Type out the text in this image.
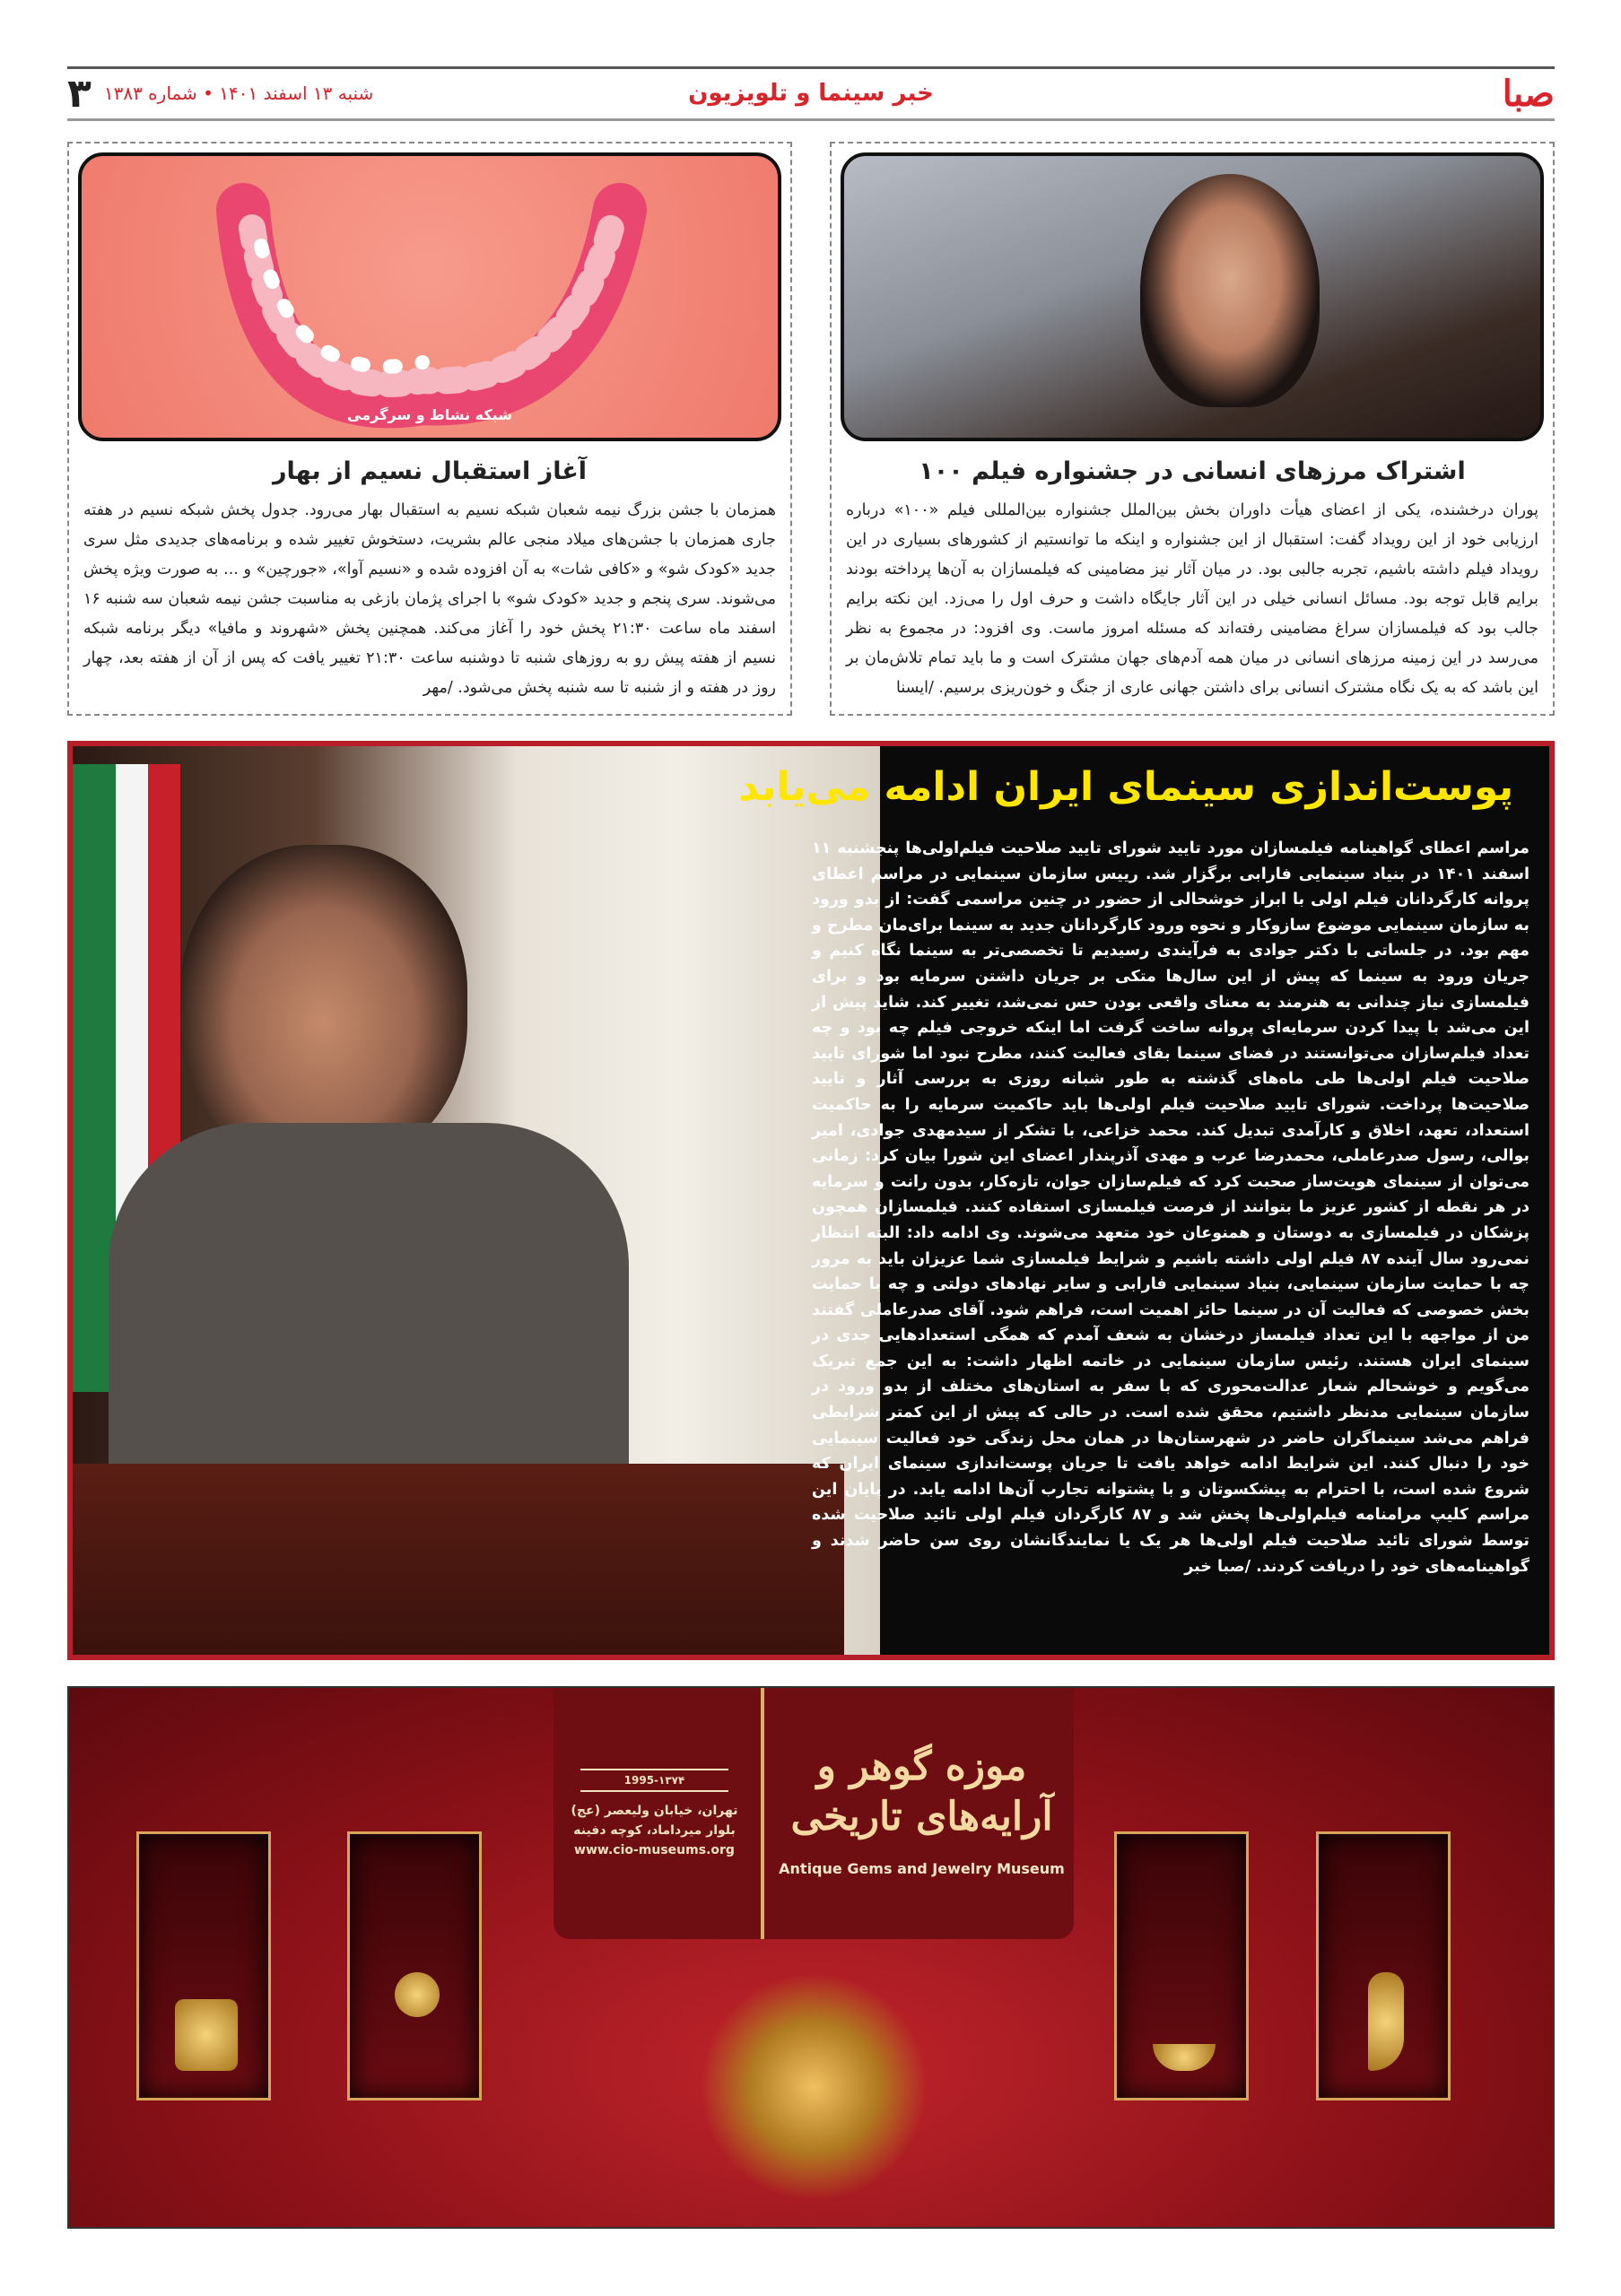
۳ شنبه ۱۳ اسفند ۱۴۰۱ • شماره ۱۳۸۳	خبر سینما و تلویزیون	صبا
اشتراک مرزهای انسانی در جشنواره فیلم ۱۰۰
پوران درخشنده، یکی از اعضای هیأت داوران بخش بین‌الملل جشنواره بین‌المللی فیلم «۱۰۰» درباره ارزیابی خود از این رویداد گفت: استقبال از این جشنواره و اینکه ما توانستیم از کشورهای بسیاری در این رویداد فیلم داشته باشیم، تجربه جالبی بود. در میان آثار نیز مضامینی که فیلمسازان به آن‌ها پرداخته بودند برایم قابل توجه بود. مسائل انسانی خیلی در این آثار جایگاه داشت و حرف اول را می‌زد. این نکته برایم جالب بود که فیلمسازان سراغ مضامینی رفته‌اند که مسئله امروز ماست. وی افزود: در مجموع به نظر می‌رسد در این زمینه مرزهای انسانی در میان همه آدم‌های جهان مشترک است و ما باید تمام تلاش‌مان بر این باشد که به یک نگاه مشترک انسانی برای داشتن جهانی عاری از جنگ و خون‌ریزی برسیم. /ایسنا
شبکه نشاط و سرگرمی
آغاز استقبال نسیم از بهار
همزمان با جشن بزرگ نیمه شعبان شبکه نسیم به استقبال بهار می‌رود. جدول پخش شبکه نسیم در هفته جاری همزمان با جشن‌های میلاد منجی عالم بشریت، دستخوش تغییر شده و برنامه‌های جدیدی مثل سری جدید «کودک شو» و «کافی شات» به آن افزوده شده و «نسیم آوا»، «جورچین» و ... به صورت ویژه پخش می‌شوند. سری پنجم و جدید «کودک شو» با اجرای پژمان بازغی به مناسبت جشن نیمه شعبان سه شنبه ۱۶ اسفند ماه ساعت ۲۱:۳۰ پخش خود را آغاز می‌کند. همچنین پخش «شهروند و مافیا» دیگر برنامه شبکه نسیم از هفته پیش رو به روزهای شنبه تا دوشنبه ساعت ۲۱:۳۰ تغییر یافت که پس از آن از هفته بعد، چهار روز در هفته و از شنبه تا سه شنبه پخش می‌شود. /مهر
پوست‌اندازی سینمای ایران ادامه می‌یابد
مراسم اعطای گواهینامه فیلمسازان مورد تایید شورای تایید صلاحیت فیلم‌اولی‌ها پنجشنبه ۱۱ اسفند ۱۴۰۱ در بنیاد سینمایی فارابی برگزار شد. رییس سازمان سینمایی در مراسم اعطای پروانه کارگردانان فیلم اولی با ابراز خوشحالی از حضور در چنین مراسمی گفت: از بدو ورود به سازمان سینمایی موضوع سازوکار و نحوه ورود کارگردانان جدید به سینما برای‌مان مطرح و مهم بود. در جلساتی با دکتر جوادی به فرآیندی رسیدیم تا تخصصی‌تر به سینما نگاه کنیم و جریان ورود به سینما که پیش از این سال‌ها متکی بر جریان داشتن سرمایه بود و برای فیلمسازی نیاز چندانی به هنرمند به معنای واقعی بودن حس نمی‌شد، تغییر کند. شاید پیش از این می‌شد با پیدا کردن سرمایه‌ای پروانه ساخت گرفت اما اینکه خروجی فیلم چه بود و چه تعداد فیلم‌سازان می‌توانستند در فضای سینما بقای فعالیت کنند، مطرح نبود اما شورای تایید صلاحیت فیلم اولی‌ها طی ماه‌های گذشته به طور شبانه روزی به بررسی آثار و تایید صلاحیت‌ها پرداخت. شورای تایید صلاحیت فیلم اولی‌ها باید حاکمیت سرمایه را به حاکمیت استعداد، تعهد، اخلاق و کارآمدی تبدیل کند. محمد خزاعی، با تشکر از سیدمهدی جوادی، امیر بوالی، رسول صدرعاملی، محمدرضا عرب و مهدی آذرپندار اعضای این شورا بیان کرد: زمانی می‌توان از سینمای هویت‌ساز صحبت کرد که فیلم‌سازان جوان، تازه‌کار، بدون رانت و سرمایه در هر نقطه از کشور عزیز ما بتوانند از فرصت فیلمسازی استفاده کنند. فیلمسازان همچون پزشکان در فیلمسازی به دوستان و همنوعان خود متعهد می‌شوند. وی ادامه داد: البته انتظار نمی‌رود سال آینده ۸۷ فیلم اولی داشته باشیم و شرایط فیلمسازی شما عزیزان باید به مرور چه با حمایت سازمان سینمایی، بنیاد سینمایی فارابی و سایر نهادهای دولتی و چه با حمایت بخش خصوصی که فعالیت آن در سینما حائز اهمیت است، فراهم شود. آقای صدرعاملی گفتند من از مواجهه با این تعداد فیلمساز درخشان به شعف آمدم که همگی استعدادهایی جدی در سینمای ایران هستند. رئیس سازمان سینمایی در خاتمه اظهار داشت: به این جمع تبریک می‌گویم و خوشحالم شعار عدالت‌محوری که با سفر به استان‌های مختلف از بدو ورود در سازمان سینمایی مدنظر داشتیم، محقق شده است. در حالی که پیش از این کمتر شرایطی فراهم می‌شد سینماگران حاضر در شهرستان‌ها در همان محل زندگی خود فعالیت سینمایی خود را دنبال کنند. این شرایط ادامه خواهد یافت تا جریان پوست‌اندازی سینمای ایران که شروع شده است، با احترام به پیشکسوتان و با پشتوانه تجارب آن‌ها ادامه یابد. در پایان این مراسم کلیپ مرامنامه فیلم‌اولی‌ها پخش شد و ۸۷ کارگردان فیلم اولی تائید صلاحیت شده توسط شورای تائید صلاحیت فیلم اولی‌ها هر یک یا نمایندگانشان روی سن حاضر شدند و گواهینامه‌های خود را دریافت کردند. /صبا خبر
1995-۱۳۷۴
تهران، خیابان ولیعصر (عج)
بلوار میرداماد، کوچه دفینه
www.cio-museums.org
موزه گوهر و آرایه‌های تاریخی
Antique Gems and Jewelry Museum
